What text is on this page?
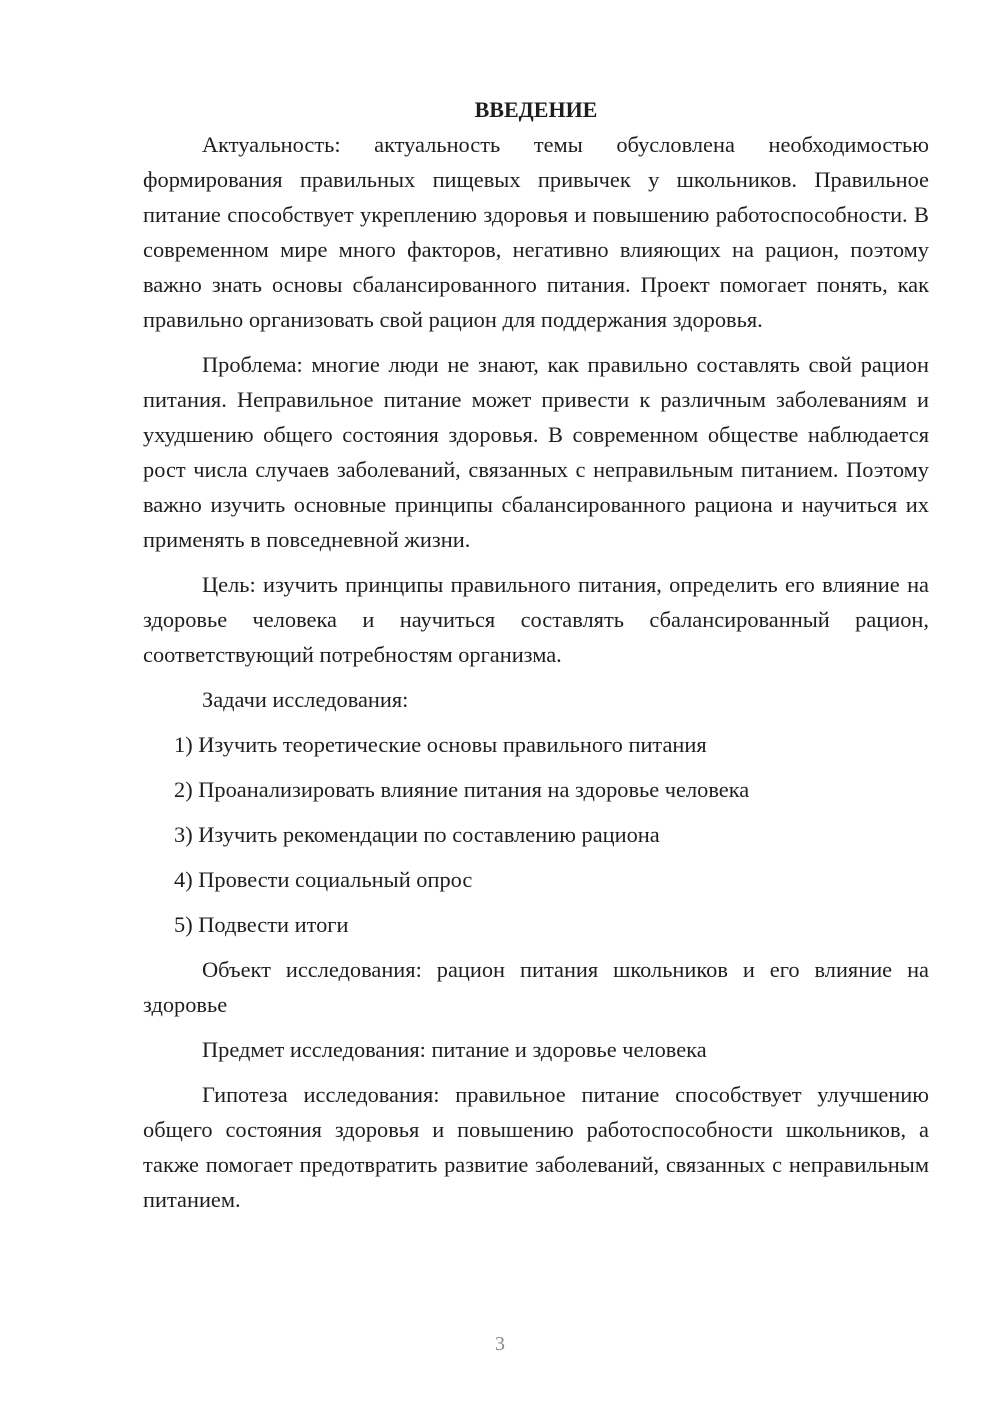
ВВЕДЕНИЕ

Актуальность: актуальность темы обусловлена необходимостью формирования правильных пищевых привычек у школьников. Правильное питание способствует укреплению здоровья и повышению работоспособности. В современном мире много факторов, негативно влияющих на рацион, поэтому важно знать основы сбалансированного питания. Проект помогает понять, как правильно организовать свой рацион для поддержания здоровья.

Проблема: многие люди не знают, как правильно составлять свой рацион питания. Неправильное питание может привести к различным заболеваниям и ухудшению общего состояния здоровья. В современном обществе наблюдается рост числа случаев заболеваний, связанных с неправильным питанием. Поэтому важно изучить основные принципы сбалансированного рациона и научиться их применять в повседневной жизни.

Цель: изучить принципы правильного питания, определить его влияние на здоровье человека и научиться составлять сбалансированный рацион, соответствующий потребностям организма.

Задачи исследования:

1) Изучить теоретические основы правильного питания
2) Проанализировать влияние питания на здоровье человека
3) Изучить рекомендации по составлению рациона
4) Провести социальный опрос
5) Подвести итоги

Объект исследования: рацион питания школьников и его влияние на здоровье

Предмет исследования: питание и здоровье человека

Гипотеза исследования: правильное питание способствует улучшению общего состояния здоровья и повышению работоспособности школьников, а также помогает предотвратить развитие заболеваний, связанных с неправильным питанием.

3
